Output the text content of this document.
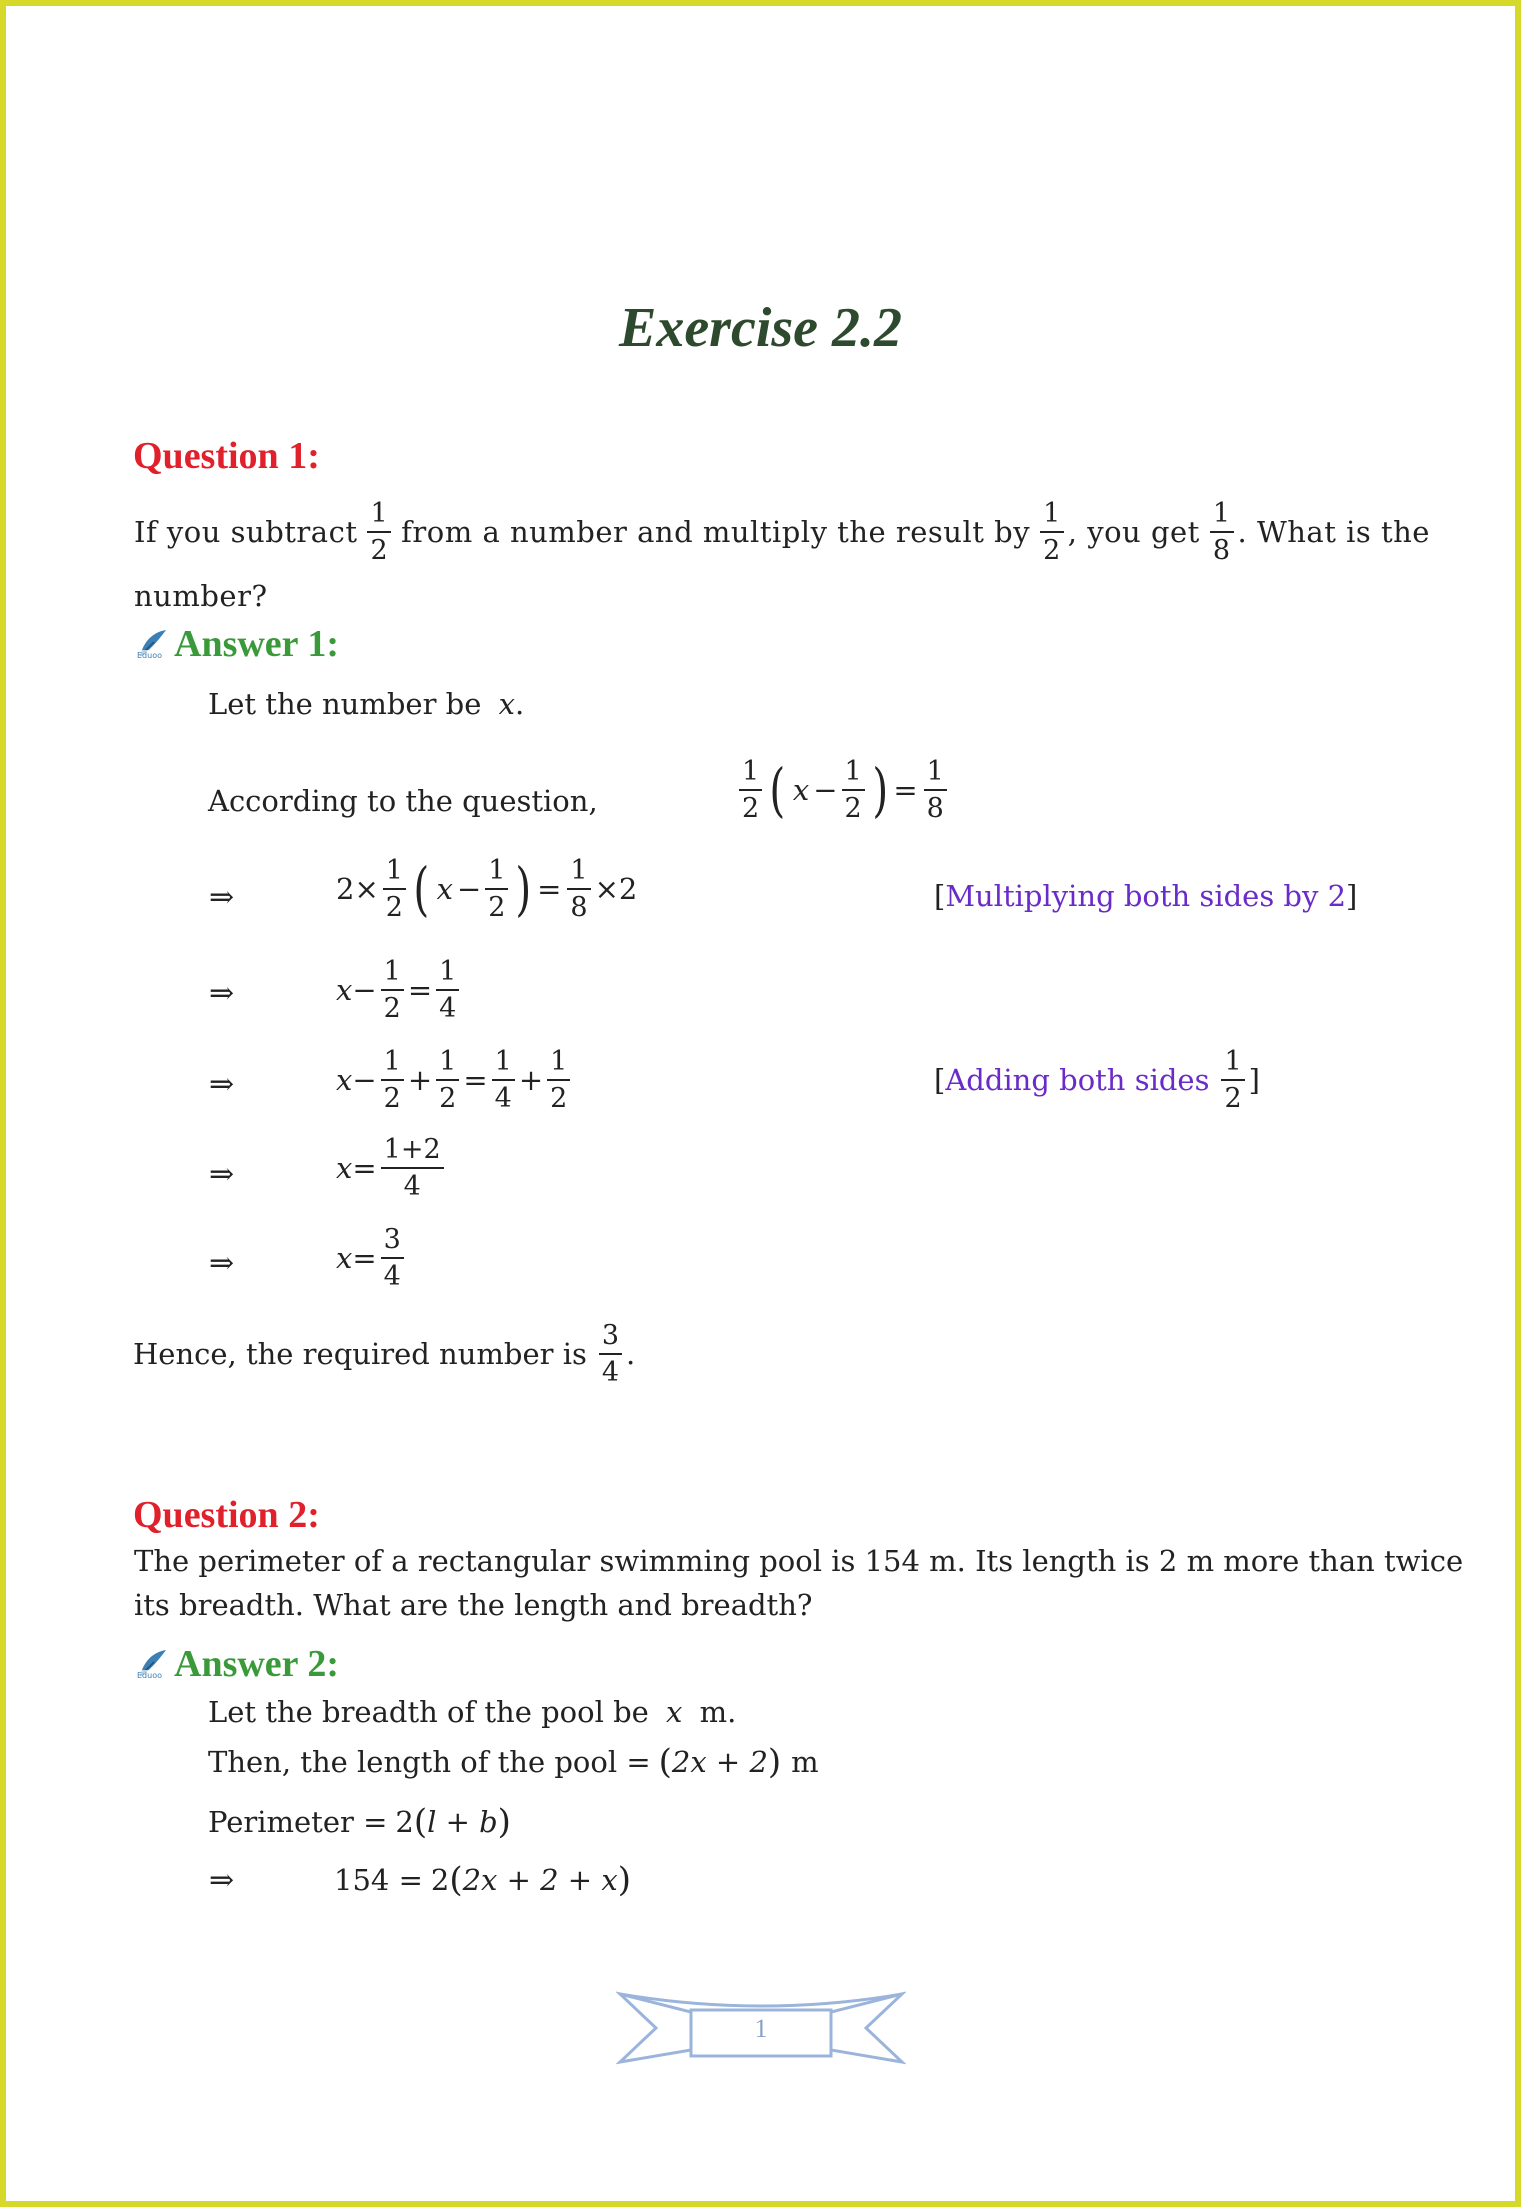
Exercise 2.2
Question 1:
If you subtract $\frac{1}{2}$ from a number and multiply the result by $\frac{1}{2}$ , you get $\frac{1}{8}$ . What is the
number?
Eduoo Answer 1:
Let the number be x.
According to the question,	$\frac{1}{2}$ ( $x - \frac{1}{2}$ ) = $\frac{1}{8}$
⇒	$2\times \frac{1}{2}$ ( $x - \frac{1}{2}$ ) = $\frac{1}{8} \times 2$	[Multiplying both sides by 2]
⇒	$x - \frac{1}{2} = \frac{1}{4}$
⇒	$x - \frac{1}{2} + \frac{1}{2} = \frac{1}{4} + \frac{1}{2}$	[ Adding both sides $\frac{1}{2}$ ]
⇒	$x = \frac{1+2}{4}$
⇒	$x = \frac{3}{4}$
Hence, the required number is $\frac{3}{4}$ .
Question 2:
The perimeter of a rectangular swimming pool is 154 m. Its length is 2 m more than twice
its breadth. What are the length and breadth?
Eduoo Answer 2:
Let the breadth of the pool be x m.
Then, the length of the pool = ( 2x + 2 ) m
Perimeter = 2 ( l + b )
⇒	154 = 2 ( 2x + 2 + x )
1
